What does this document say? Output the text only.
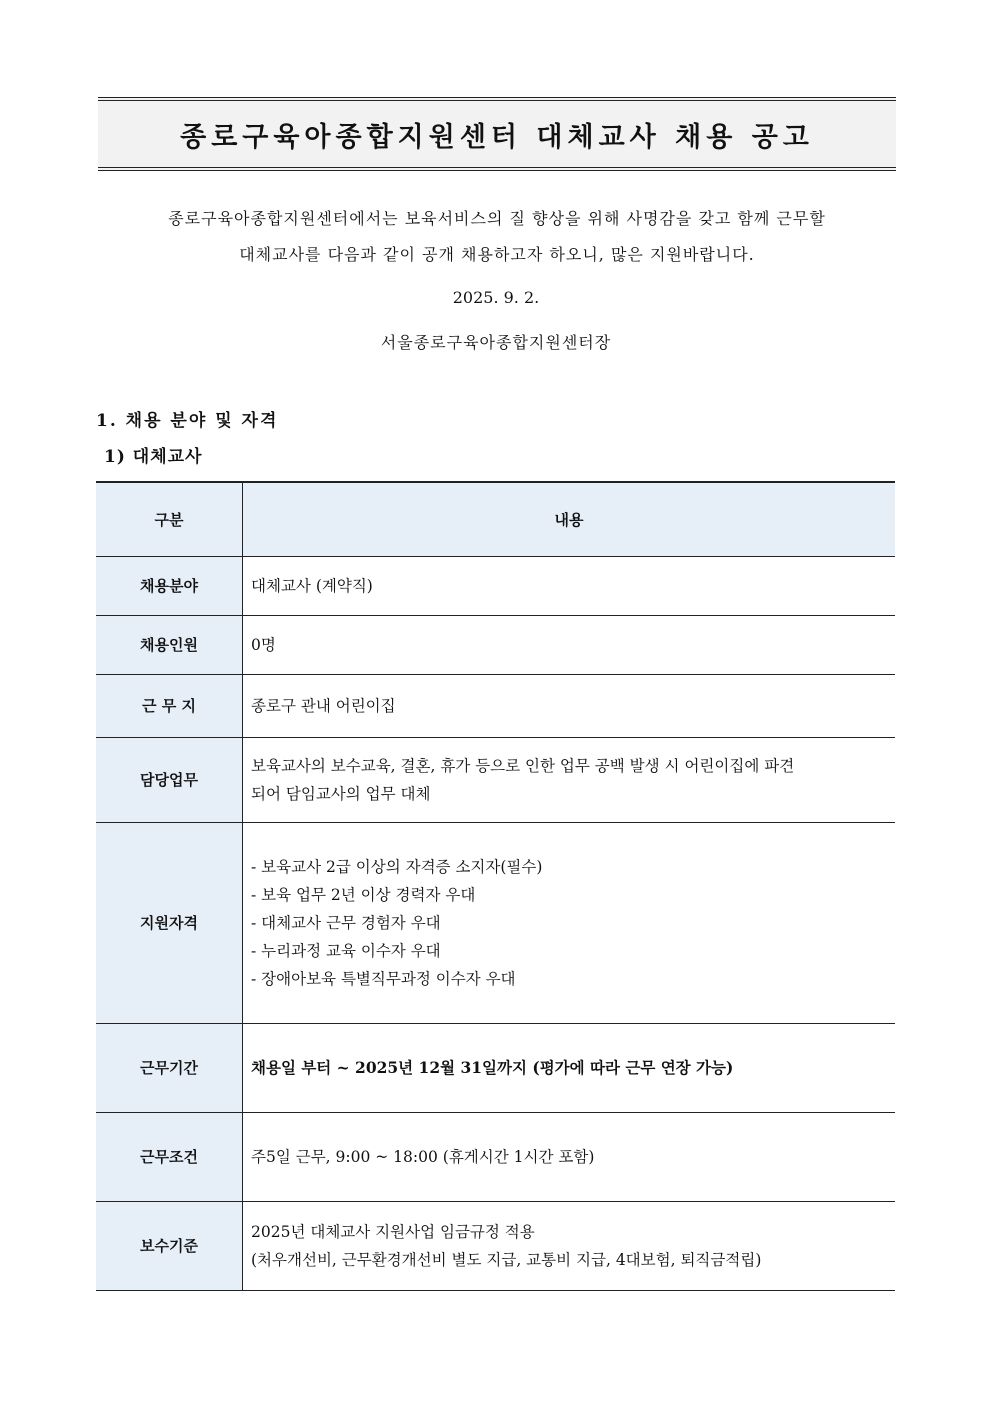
종로구육아종합지원센터 대체교사 채용 공고
종로구육아종합지원센터에서는 보육서비스의 질 향상을 위해 사명감을 갖고 함께 근무할
대체교사를 다음과 같이 공개 채용하고자 하오니, 많은 지원바랍니다.
2025. 9. 2.
서울종로구육아종합지원센터장
1. 채용 분야 및 자격
1) 대체교사
구분	내용
채용분야	대체교사 (계약직)
채용인원	0명
근 무 지	종로구 관내 어린이집
담당업무	보육교사의 보수교육, 결혼, 휴가 등으로 인한 업무 공백 발생 시 어린이집에 파견
되어 담임교사의 업무 대체

지원자격	- 보육교사 2급 이상의 자격증 소지자(필수)
- 보육 업무 2년 이상 경력자 우대
- 대체교사 근무 경험자 우대
- 누리과정 교육 이수자 우대
- 장애아보육 특별직무과정 이수자 우대

근무기간	채용일 부터 ~ 2025년 12월 31일까지 (평가에 따라 근무 연장 가능)
근무조건	주5일 근무, 9:00 ~ 18:00 (휴게시간 1시간 포함)
보수기준	2025년 대체교사 지원사업 임금규정 적용
(처우개선비, 근무환경개선비 별도 지급, 교통비 지급, 4대보험, 퇴직금적립)
